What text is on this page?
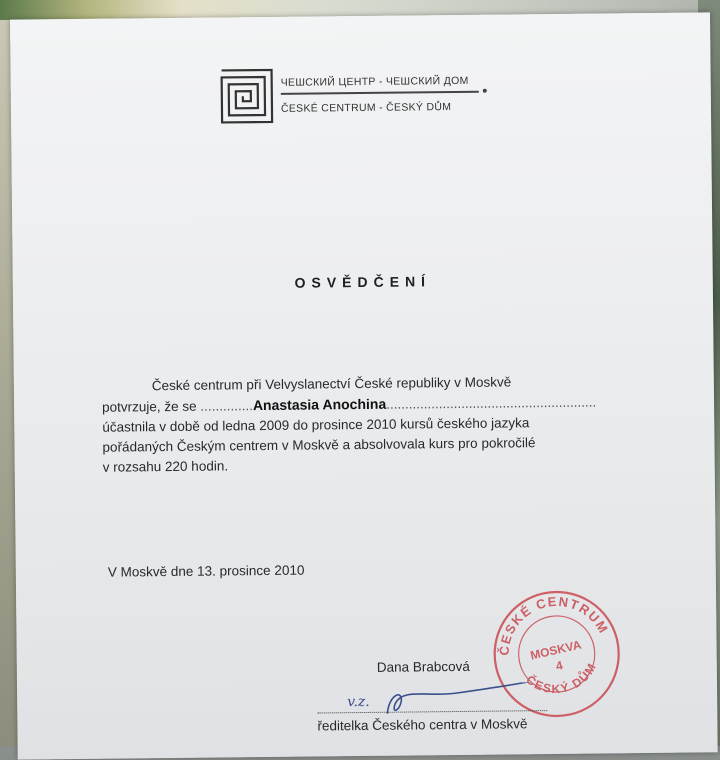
ЧЕШСКИЙ ЦЕНТР - ЧЕШСКИЙ ДОМ
ČESKÉ CENTRUM - ČESKÝ DŮM
OSVĚDČENÍ
České centrum při Velvyslanectví České republiky v Moskvě
potvrzuje, že se ..............Anastasia Anochina........................................................
účastnila v době od ledna 2009 do prosince 2010 kursů českého jazyka
pořádaných Českým centrem v Moskvě a absolvovala kurs pro pokročilé
v rozsahu 220 hodin.
V Moskvě dne 13. prosince 2010
ČESKÉ CENTRUM
ČESKÝ DŮM
MOSKVA
4
Dana Brabcová
v.z.
ředitelka Českého centra v Moskvě
